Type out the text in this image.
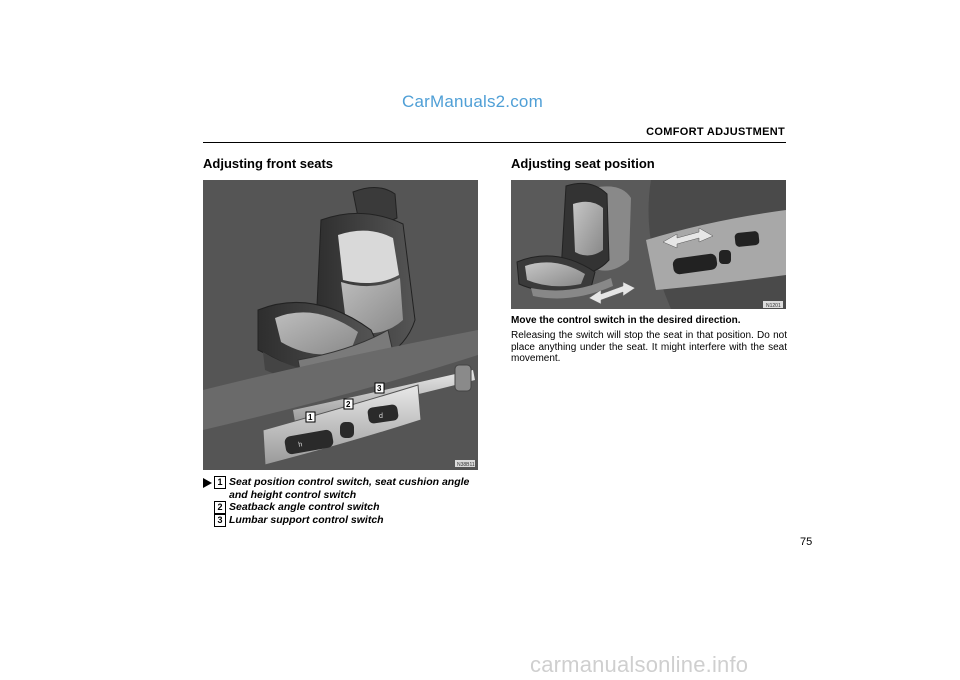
CarManuals2.com
COMFORT ADJUSTMENT
Adjusting front seats	Adjusting seat position
h
d
1
2
3
N38B11
N1201
1 Seat position control switch, seat cushion angle and height control switch
2 Seatback angle control switch
3 Lumbar support control switch
Move the control switch in the desired direction.
Releasing the switch will stop the seat in that position. Do not place anything under the seat. It might interfere with the seat movement.
75
carmanualsonline.info
